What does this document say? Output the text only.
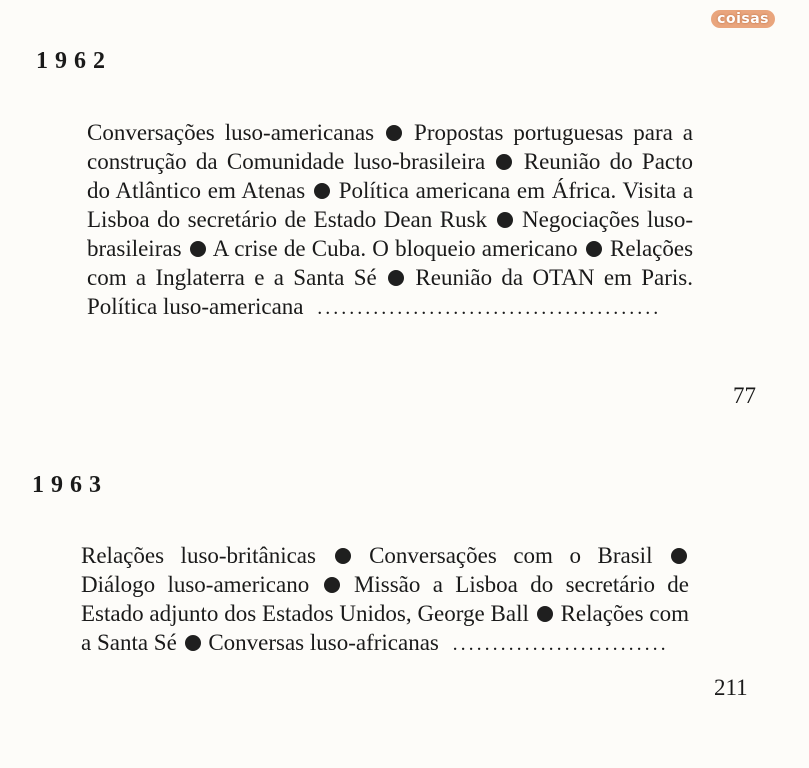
coisas
1962
Conversações luso-americanas Propostas portuguesas para a construção da Comunidade luso-brasileira Reunião do Pacto do Atlântico em Atenas Política americana em África. Visita a Lisboa do secretário de Estado Dean Rusk Negociações luso-brasileiras A crise de Cuba. O bloqueio americano Relações com a Inglaterra e a Santa Sé Reunião da OTAN em Paris. Política luso-americana ...........................................
77
1963
Relações luso-britânicas Conversações com o Brasil  Diálogo luso-americano Missão a Lisboa do secretário de Estado adjunto dos Estados Unidos, George Ball Relações com a Santa Sé Conversas luso-africanas ...........................
211
